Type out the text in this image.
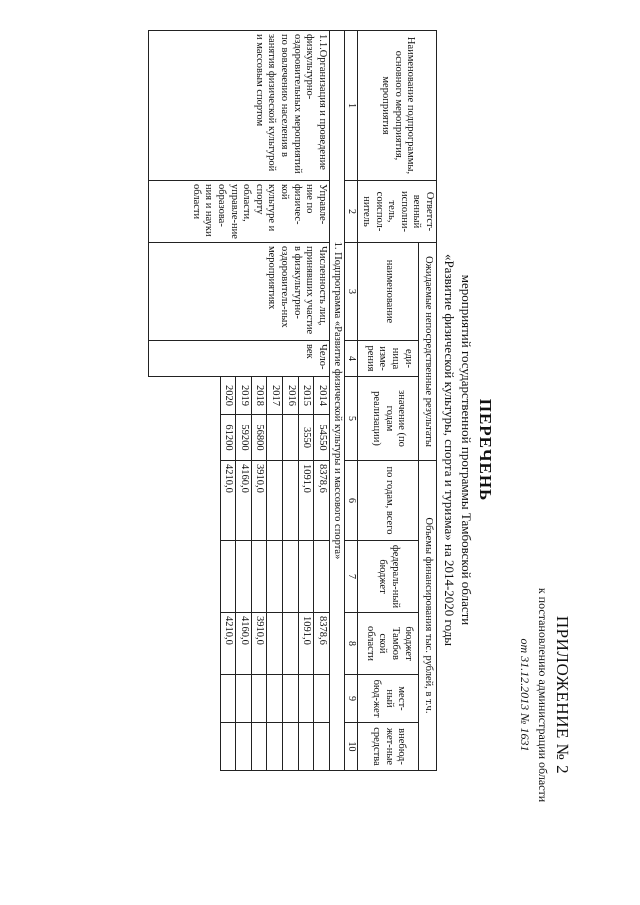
ПРИЛОЖЕНИЕ № 2
к постановлению администрации области
от 31.12.2013 № 1631
ПЕРЕЧЕНЬ
мероприятий государственной программы Тамбовской области
«Развитие физической культуры, спорта и туризма» на 2014-2020 годы
Наименование подпрограммы, основного мероприятия, мероприятия	Ответст-венный исполни-тель, соиспол-нитель	Ожидаемые непосредственные результаты				Объемы финансирования тыс. рублей, в т.ч.					
		наименование	еди-ница изме-рения	значение (по годам реализации)		по годам, всего	федераль-ный бюджет	бюджет Тамбов ской области	мест-ный бюд-жет	внебюд-жет-ные средства	
1	2	3	4	5		6	7	8	9	10	
1. Подпрограмма «Развитие физической культуры и массового спорта»											
1.1.Организация и проведение физкультурно-оздоровительных мероприятий по вовлечению населения в занятия физической культурой и массовым спортом	Управле-ние по физичес-кой культуре и спорту области, управле-ние образова-ния и науки области	Численность лиц, принявших участие в физкультурно-оздоровитель-ных мероприятиях	Чело-век	2014	54550	8378,6		8378,6			
				2015	3550	1091,0		1091,0			
				2016							
				2017							
				2018	56800	3910,0		3910,0			
				2019	59200	4160,0		4160,0			
				2020	61200	4210,0		4210,0			
